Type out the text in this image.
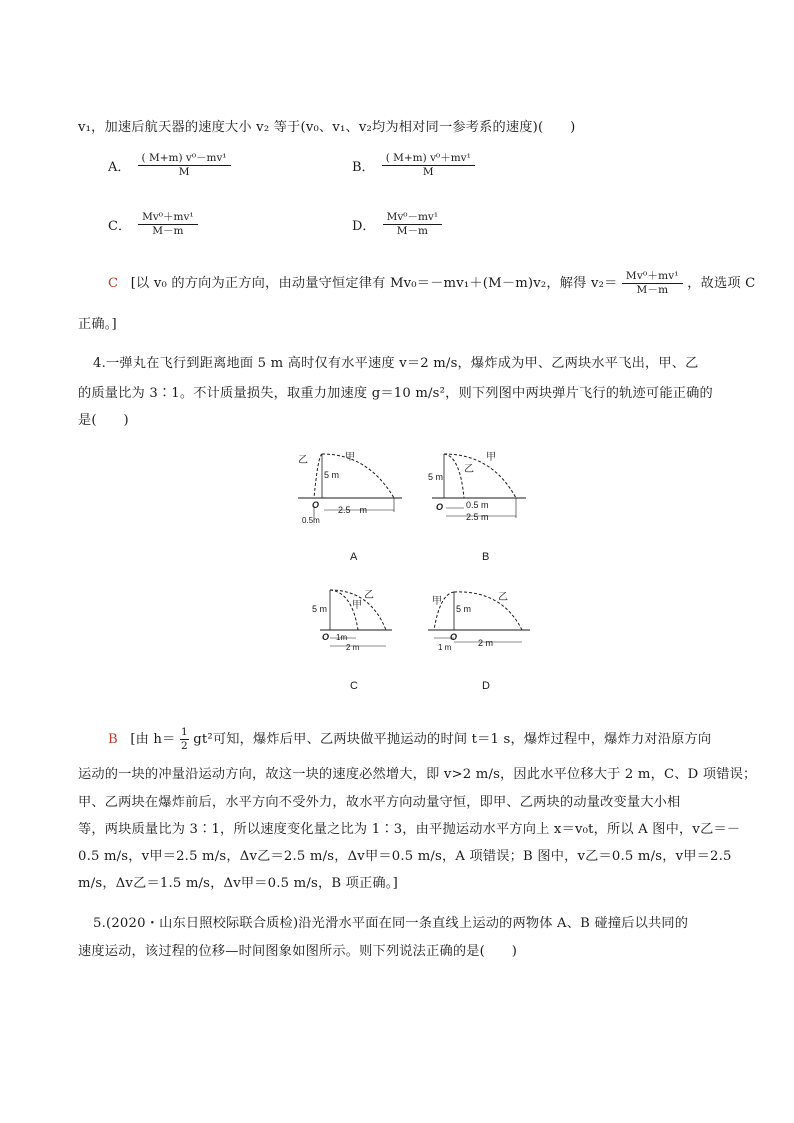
v₁，加速后航天器的速度大小 v₂ 等于(v₀、v₁、v₂均为相对同一参考系的速度)(　　)
A． $\frac{\text{( M+m) v⁰－mv¹}}{M}$	B． $\frac{\text{( M+m) v⁰＋mv¹}}{M}$
C． $\frac{\text{Mv⁰＋mv¹}}{M-m}$	D． $\frac{\text{Mv⁰－mv¹}}{M-m}$
C [以 v₀ 的方向为正方向，由动量守恒定律有 Mv₀＝－mv₁＋(M－m)v₂，解得 $v_2= \frac{\text{Mv⁰＋mv¹}}{M-m}$ ，故选项 C
正确。]
4.一弹丸在飞行到距离地面 5 m 高时仅有水平速度 v＝2 m/s，爆炸成为甲、乙两块水平飞出，甲、乙
的质量比为 3∶1。不计质量损失，取重力加速度 g＝10 m/s²，则下列图中两块弹片飞行的轨迹可能正确的
是(　　)
乙	甲
5 m
O 2.5　m
0.5m
A
乙
甲
5 m
O	0.5 m
2.5 m
B
甲
乙
5 m
O 1m
2 m
C
甲	乙
5 m
O
1 m	2 m
D
B [由 $h= \frac{1}{2} gt^2$可知，爆炸后甲、乙两块做平抛运动的时间 t＝1 s，爆炸过程中，爆炸力对沿原方向
运动的一块的冲量沿运动方向，故这一块的速度必然增大，即 v>2 m/s，因此水平位移大于 2 m，C、D 项错误；
甲、乙两块在爆炸前后，水平方向不受外力，故水平方向动量守恒，即甲、乙两块的动量改变量大小相
等，两块质量比为 3∶1，所以速度变化量之比为 1∶3，由平抛运动水平方向上 x＝v₀t，所以 A 图中，v乙＝－
0.5 m/s，v甲＝2.5 m/s，Δv乙＝2.5 m/s，Δv甲＝0.5 m/s，A 项错误；B 图中，v乙＝0.5 m/s，v甲＝2.5
m/s，Δv乙＝1.5 m/s，Δv甲＝0.5 m/s，B 项正确。]
5.(2020・山东日照校际联合质检)沿光滑水平面在同一条直线上运动的两物体 A、B 碰撞后以共同的
速度运动，该过程的位移—时间图象如图所示。则下列说法正确的是(　　)
